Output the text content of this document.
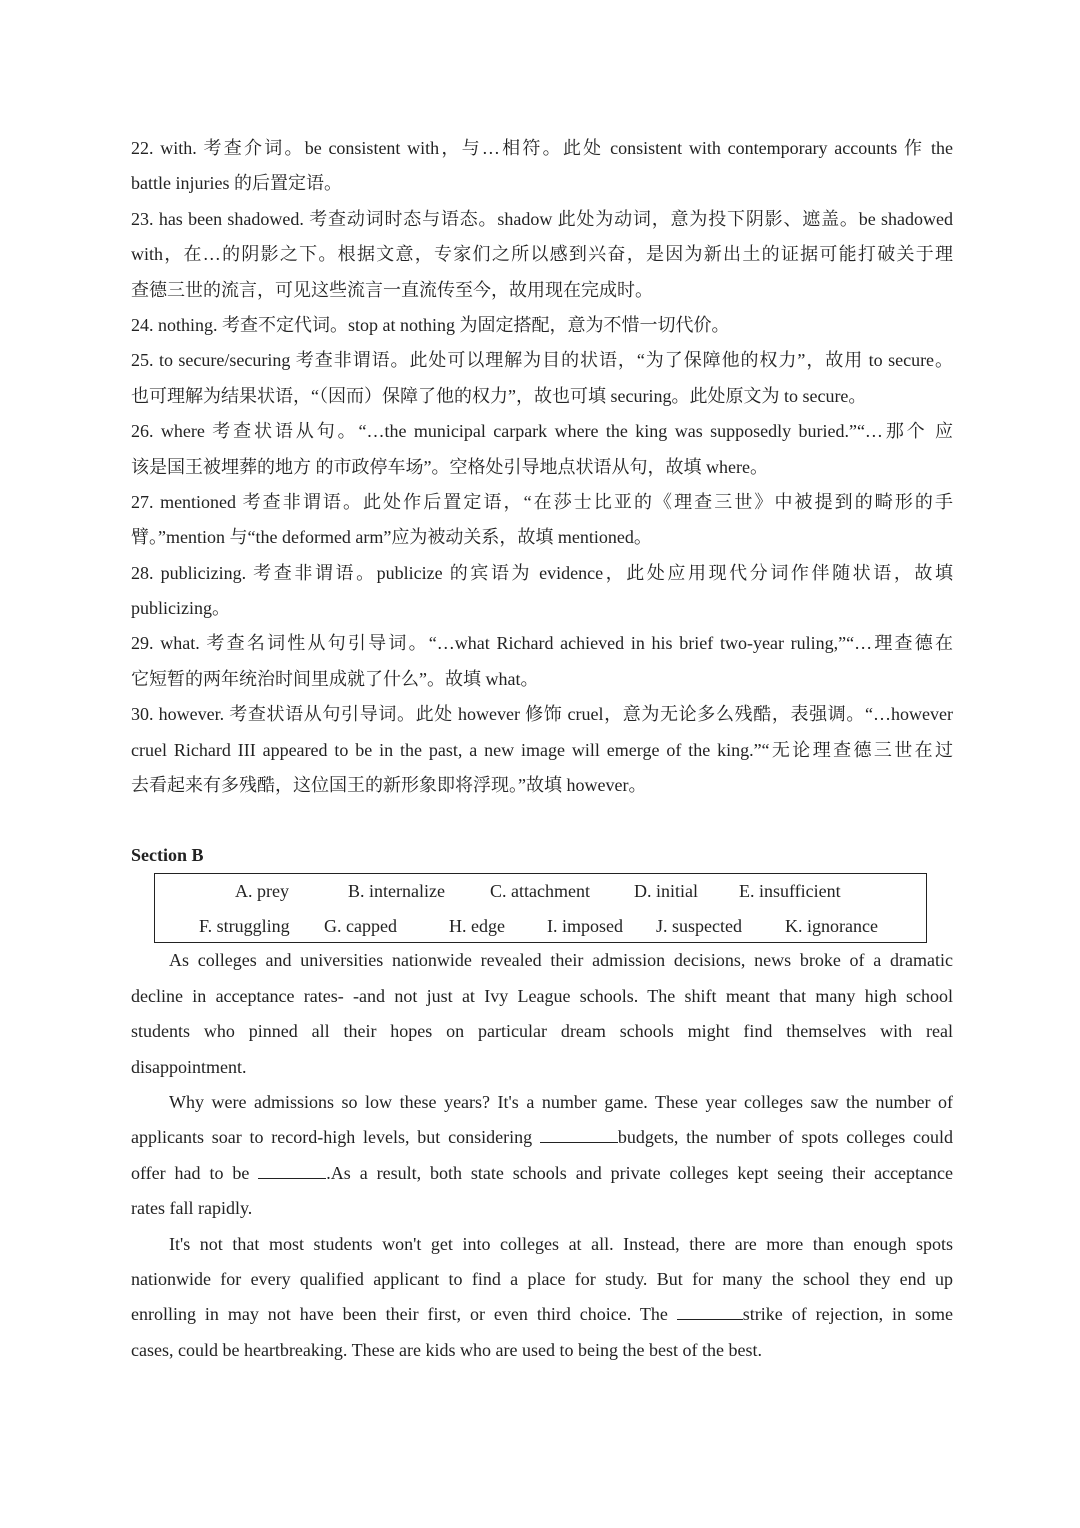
22. with. 考查介词。be consistent with，与…相符。此处 consistent with contemporary accounts 作 the
battle injuries 的后置定语。
23. has been shadowed. 考查动词时态与语态。shadow 此处为动词，意为投下阴影、遮盖。be shadowed
with，在…的阴影之下。根据文意，专家们之所以感到兴奋，是因为新出土的证据可能打破关于理
查德三世的流言，可见这些流言一直流传至今，故用现在完成时。
24. nothing. 考查不定代词。stop at nothing 为固定搭配，意为不惜一切代价。
25. to secure/securing 考查非谓语。此处可以理解为目的状语，“为了保障他的权力”，故用 to secure。
也可理解为结果状语，“（因而）保障了他的权力”，故也可填 securing。此处原文为 to secure。
26. where 考查状语从句。“…the municipal carpark where the king was supposedly buried.”“…那个 应
该是国王被埋葬的地方 的市政停车场”。空格处引导地点状语从句，故填 where。
27. mentioned 考查非谓语。此处作后置定语，“在莎士比亚的《理查三世》中被提到的畸形的手
臂。”mention 与“the deformed arm”应为被动关系，故填 mentioned。
28. publicizing. 考查非谓语。publicize 的宾语为 evidence，此处应用现代分词作伴随状语，故填
publicizing。
29. what. 考查名词性从句引导词。“…what Richard achieved in his brief two-year ruling,”“…理查德在
它短暂的两年统治时间里成就了什么”。故填 what。
30. however. 考查状语从句引导词。此处 however 修饰 cruel，意为无论多么残酷，表强调。“…however
cruel Richard III appeared to be in the past, a new image will emerge of the king.”“无论理查德三世在过
去看起来有多残酷，这位国王的新形象即将浮现。”故填 however。
Section B
A. prey	B. internalize	C. attachment D. initial E. insufficient
F. struggling G. capped	H. edge I. imposed J. suspected K. ignorance
As colleges and universities nationwide revealed their admission decisions, news broke of a dramatic
decline in acceptance rates- -and not just at Ivy League schools. The shift meant that many high school
students who pinned all their hopes on particular dream schools might find themselves with real
disappointment.
Why were admissions so low these years? It's a number game. These year colleges saw the number of
applicants soar to record-high levels, but considering	budgets, the number of spots colleges could
offer had to be	.As a result, both state schools and private colleges kept seeing their acceptance
rates fall rapidly.
It's not that most students won't get into colleges at all. Instead, there are more than enough spots
nationwide for every qualified applicant to find a place for study. But for many the school they end up
enrolling in may not have been their first, or even third choice. The	strike of rejection, in some
cases, could be heartbreaking. These are kids who are used to being the best of the best.
